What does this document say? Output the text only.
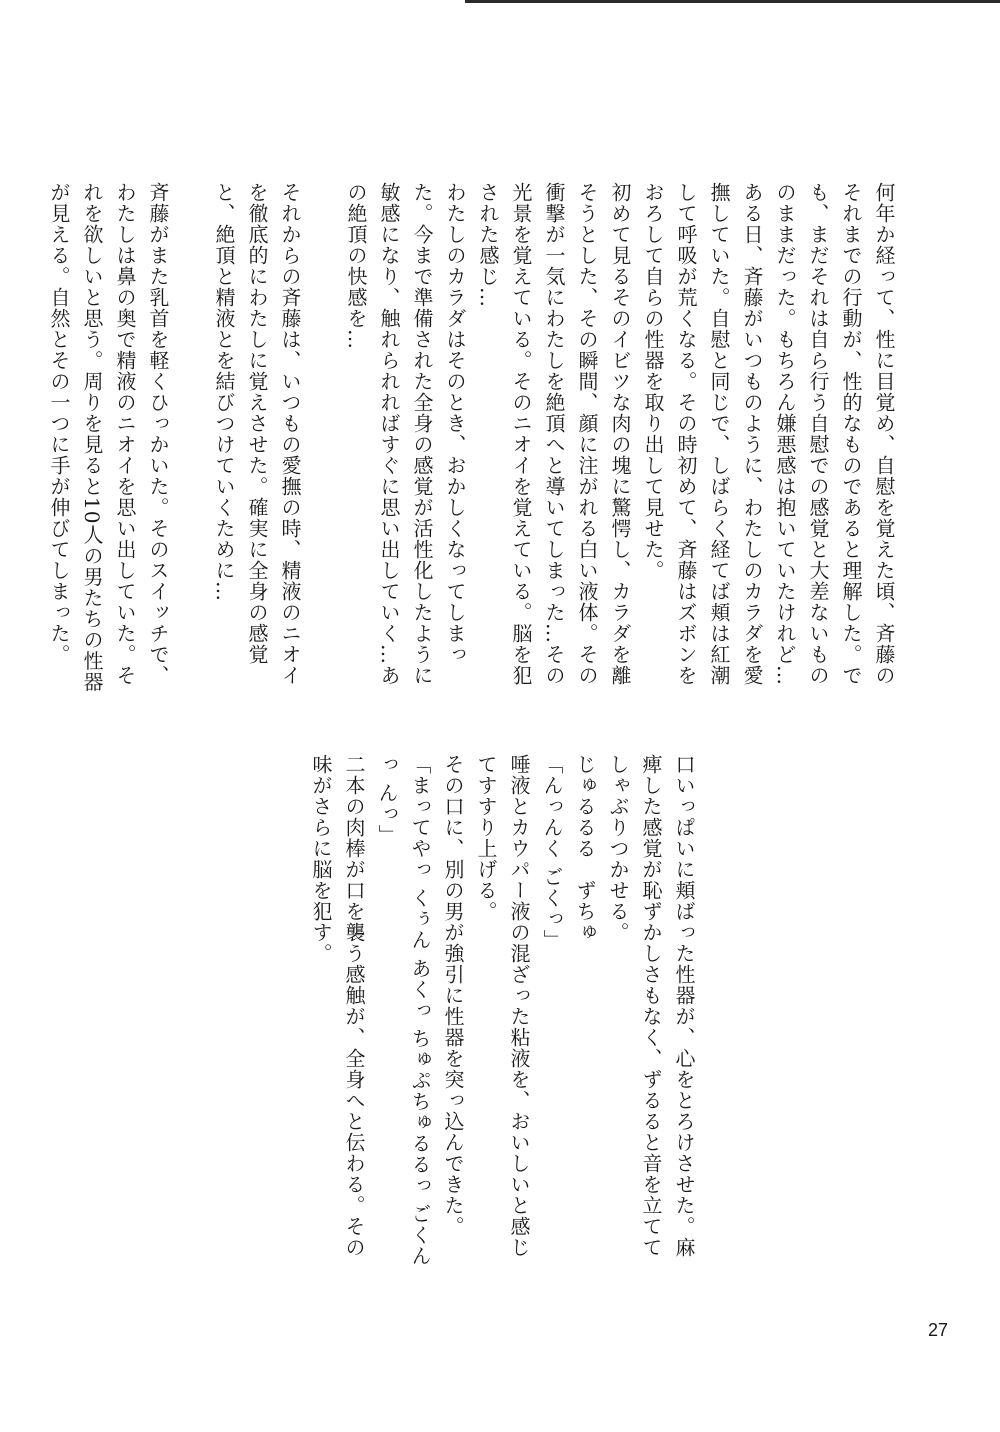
何年か経って、性に目覚め、自慰を覚えた頃、斉藤のそれまでの行動が、性的なものであると理解した。でも、まだそれは自ら行う自慰での感覚と大差ないもののままだった。もちろん嫌悪感は抱いていたけれど…

ある日、斉藤がいつものように、わたしのカラダを愛撫していた。自慰と同じで、しばらく経てば頬は紅潮して呼吸が荒くなる。その時初めて、斉藤はズボンをおろして自らの性器を取り出して見せた。

初めて見るそのイビツな肉の塊に驚愕し、カラダを離そうとした、その瞬間、顔に注がれる白い液体。その衝撃が一気にわたしを絶頂へと導いてしまった…その光景を覚えている。そのニオイを覚えている。脳を犯された感じ…

わたしのカラダはそのとき、おかしくなってしまった。今まで準備された全身の感覚が活性化したように敏感になり、触れられればすぐに思い出していく…あの絶頂の快感を…

それからの斉藤は、いつもの愛撫の時、精液のニオイを徹底的にわたしに覚えさせた。確実に全身の感覚と、絶頂と精液とを結びつけていくために…

斉藤がまた乳首を軽くひっかいた。そのスイッチで、わたしは鼻の奥で精液のニオイを思い出していた。それを欲しいと思う。周りを見ると10人の男たちの性器が見える。自然とその一つに手が伸びてしまった。

口いっぱいに頬ばった性器が、心をとろけさせた。麻痺した感覚が恥ずかしさもなく、ずるると音を立ててしゃぶりつかせる。

じゅるるる　ずちゅ

「んっんく ごくっ」

唾液とカウパー液の混ざった粘液を、おいしいと感じてすすり上げる。

その口に、別の男が強引に性器を突っ込んできた。

「まってやっ くぅん あくっ ちゅぷちゅるるっ ごくんっ んっ」

二本の肉棒が口を襲う感触が、全身へと伝わる。その味がさらに脳を犯す。

27
